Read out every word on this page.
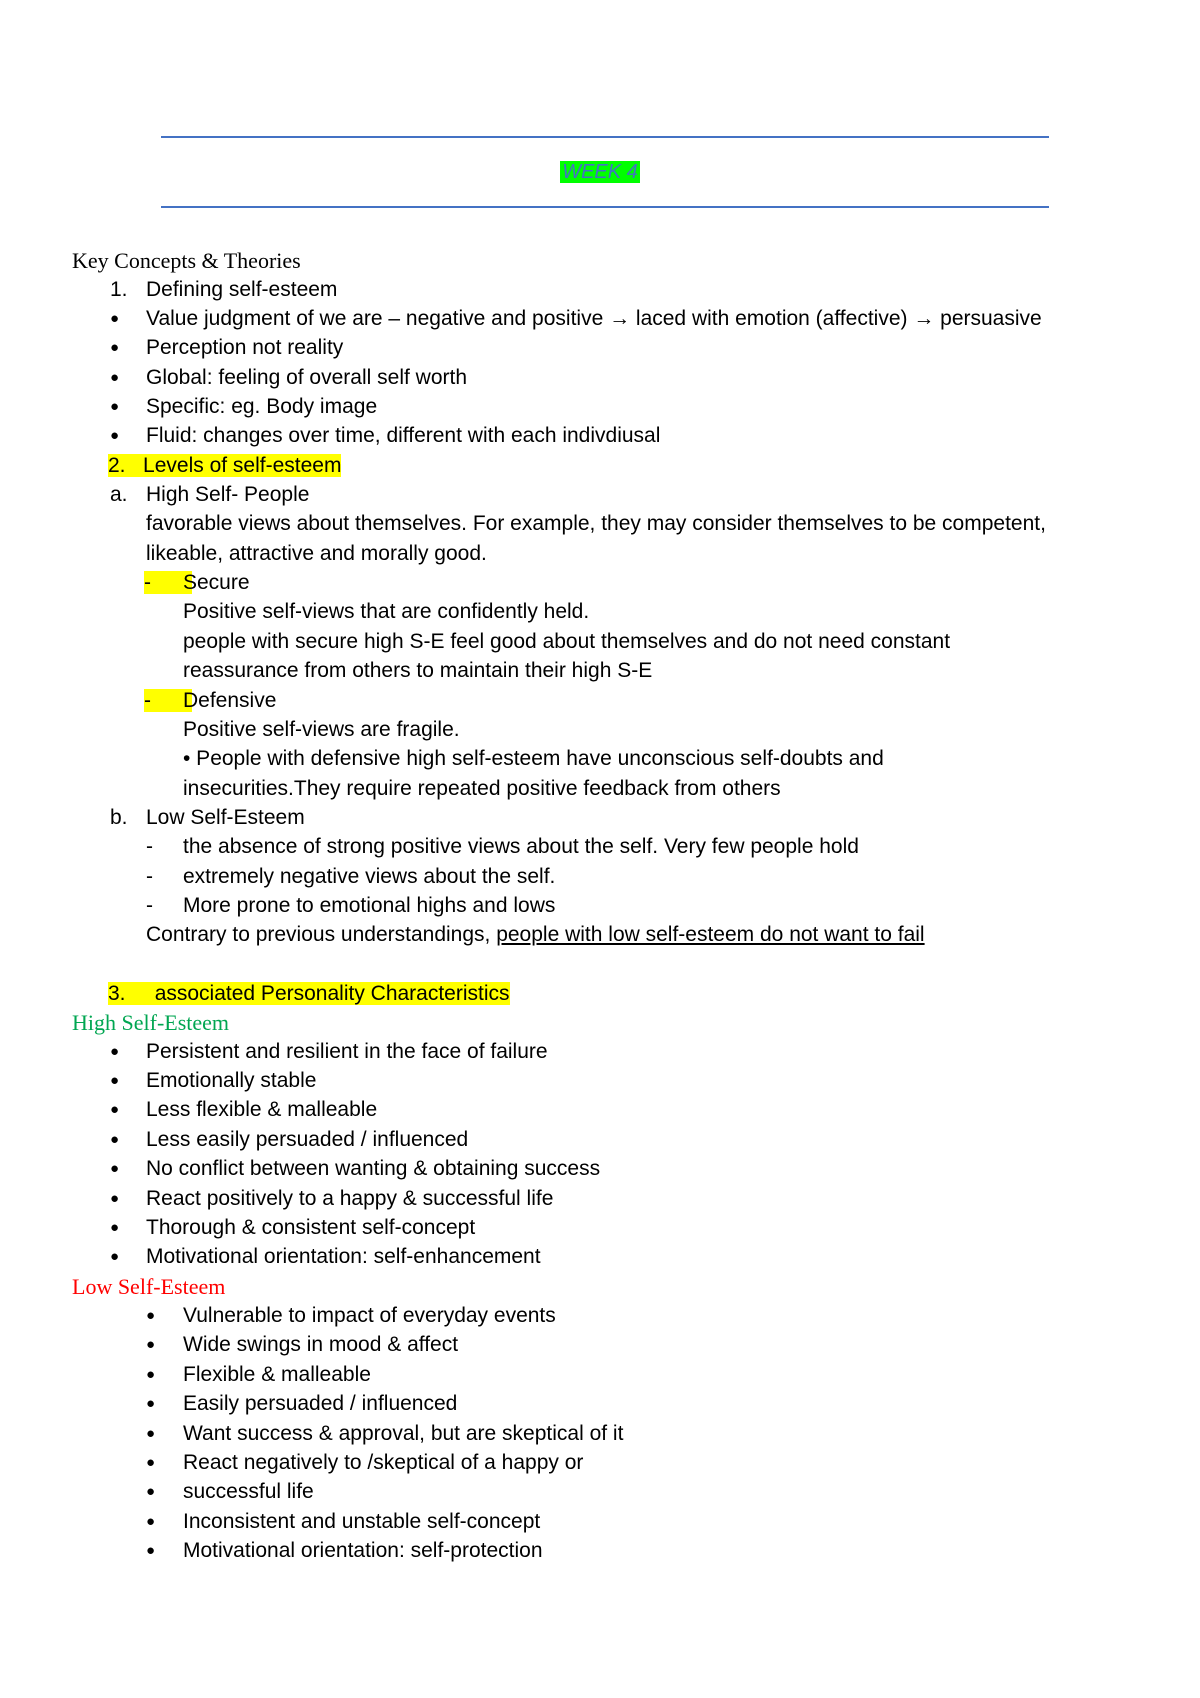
WEEK 4
Key Concepts & Theories
1. Defining self-esteem
● Value judgment of we are – negative and positive → laced with emotion (affective) → persuasive
● Perception not reality
● Global: feeling of overall self worth
● Specific: eg. Body image
● Fluid: changes over time, different with each indivdiusal
2. Levels of self-esteem
a. High Self- People
favorable views about themselves. For example, they may consider themselves to be competent,
likeable, attractive and morally good.
-	Secure
Positive self-views that are confidently held.
people with secure high S-E feel good about themselves and do not need constant
reassurance from others to maintain their high S-E
-	Defensive
Positive self-views are fragile.
• People with defensive high self-esteem have unconscious self-doubts and
insecurities.They require repeated positive feedback from others
b. Low Self-Esteem
- the absence of strong positive views about the self. Very few people hold
- extremely negative views about the self.
- More prone to emotional highs and lows
Contrary to previous understandings, people with low self-esteem do not want to fail
3. associated Personality Characteristics
High Self-Esteem
● Persistent and resilient in the face of failure
● Emotionally stable
● Less flexible & malleable
● Less easily persuaded / influenced
● No conflict between wanting & obtaining success
● React positively to a happy & successful life
● Thorough & consistent self-concept
● Motivational orientation: self-enhancement
Low Self-Esteem
● Vulnerable to impact of everyday events
● Wide swings in mood & affect
● Flexible & malleable
● Easily persuaded / influenced
● Want success & approval, but are skeptical of it
● React negatively to /skeptical of a happy or
● successful life
● Inconsistent and unstable self-concept
● Motivational orientation: self-protection
